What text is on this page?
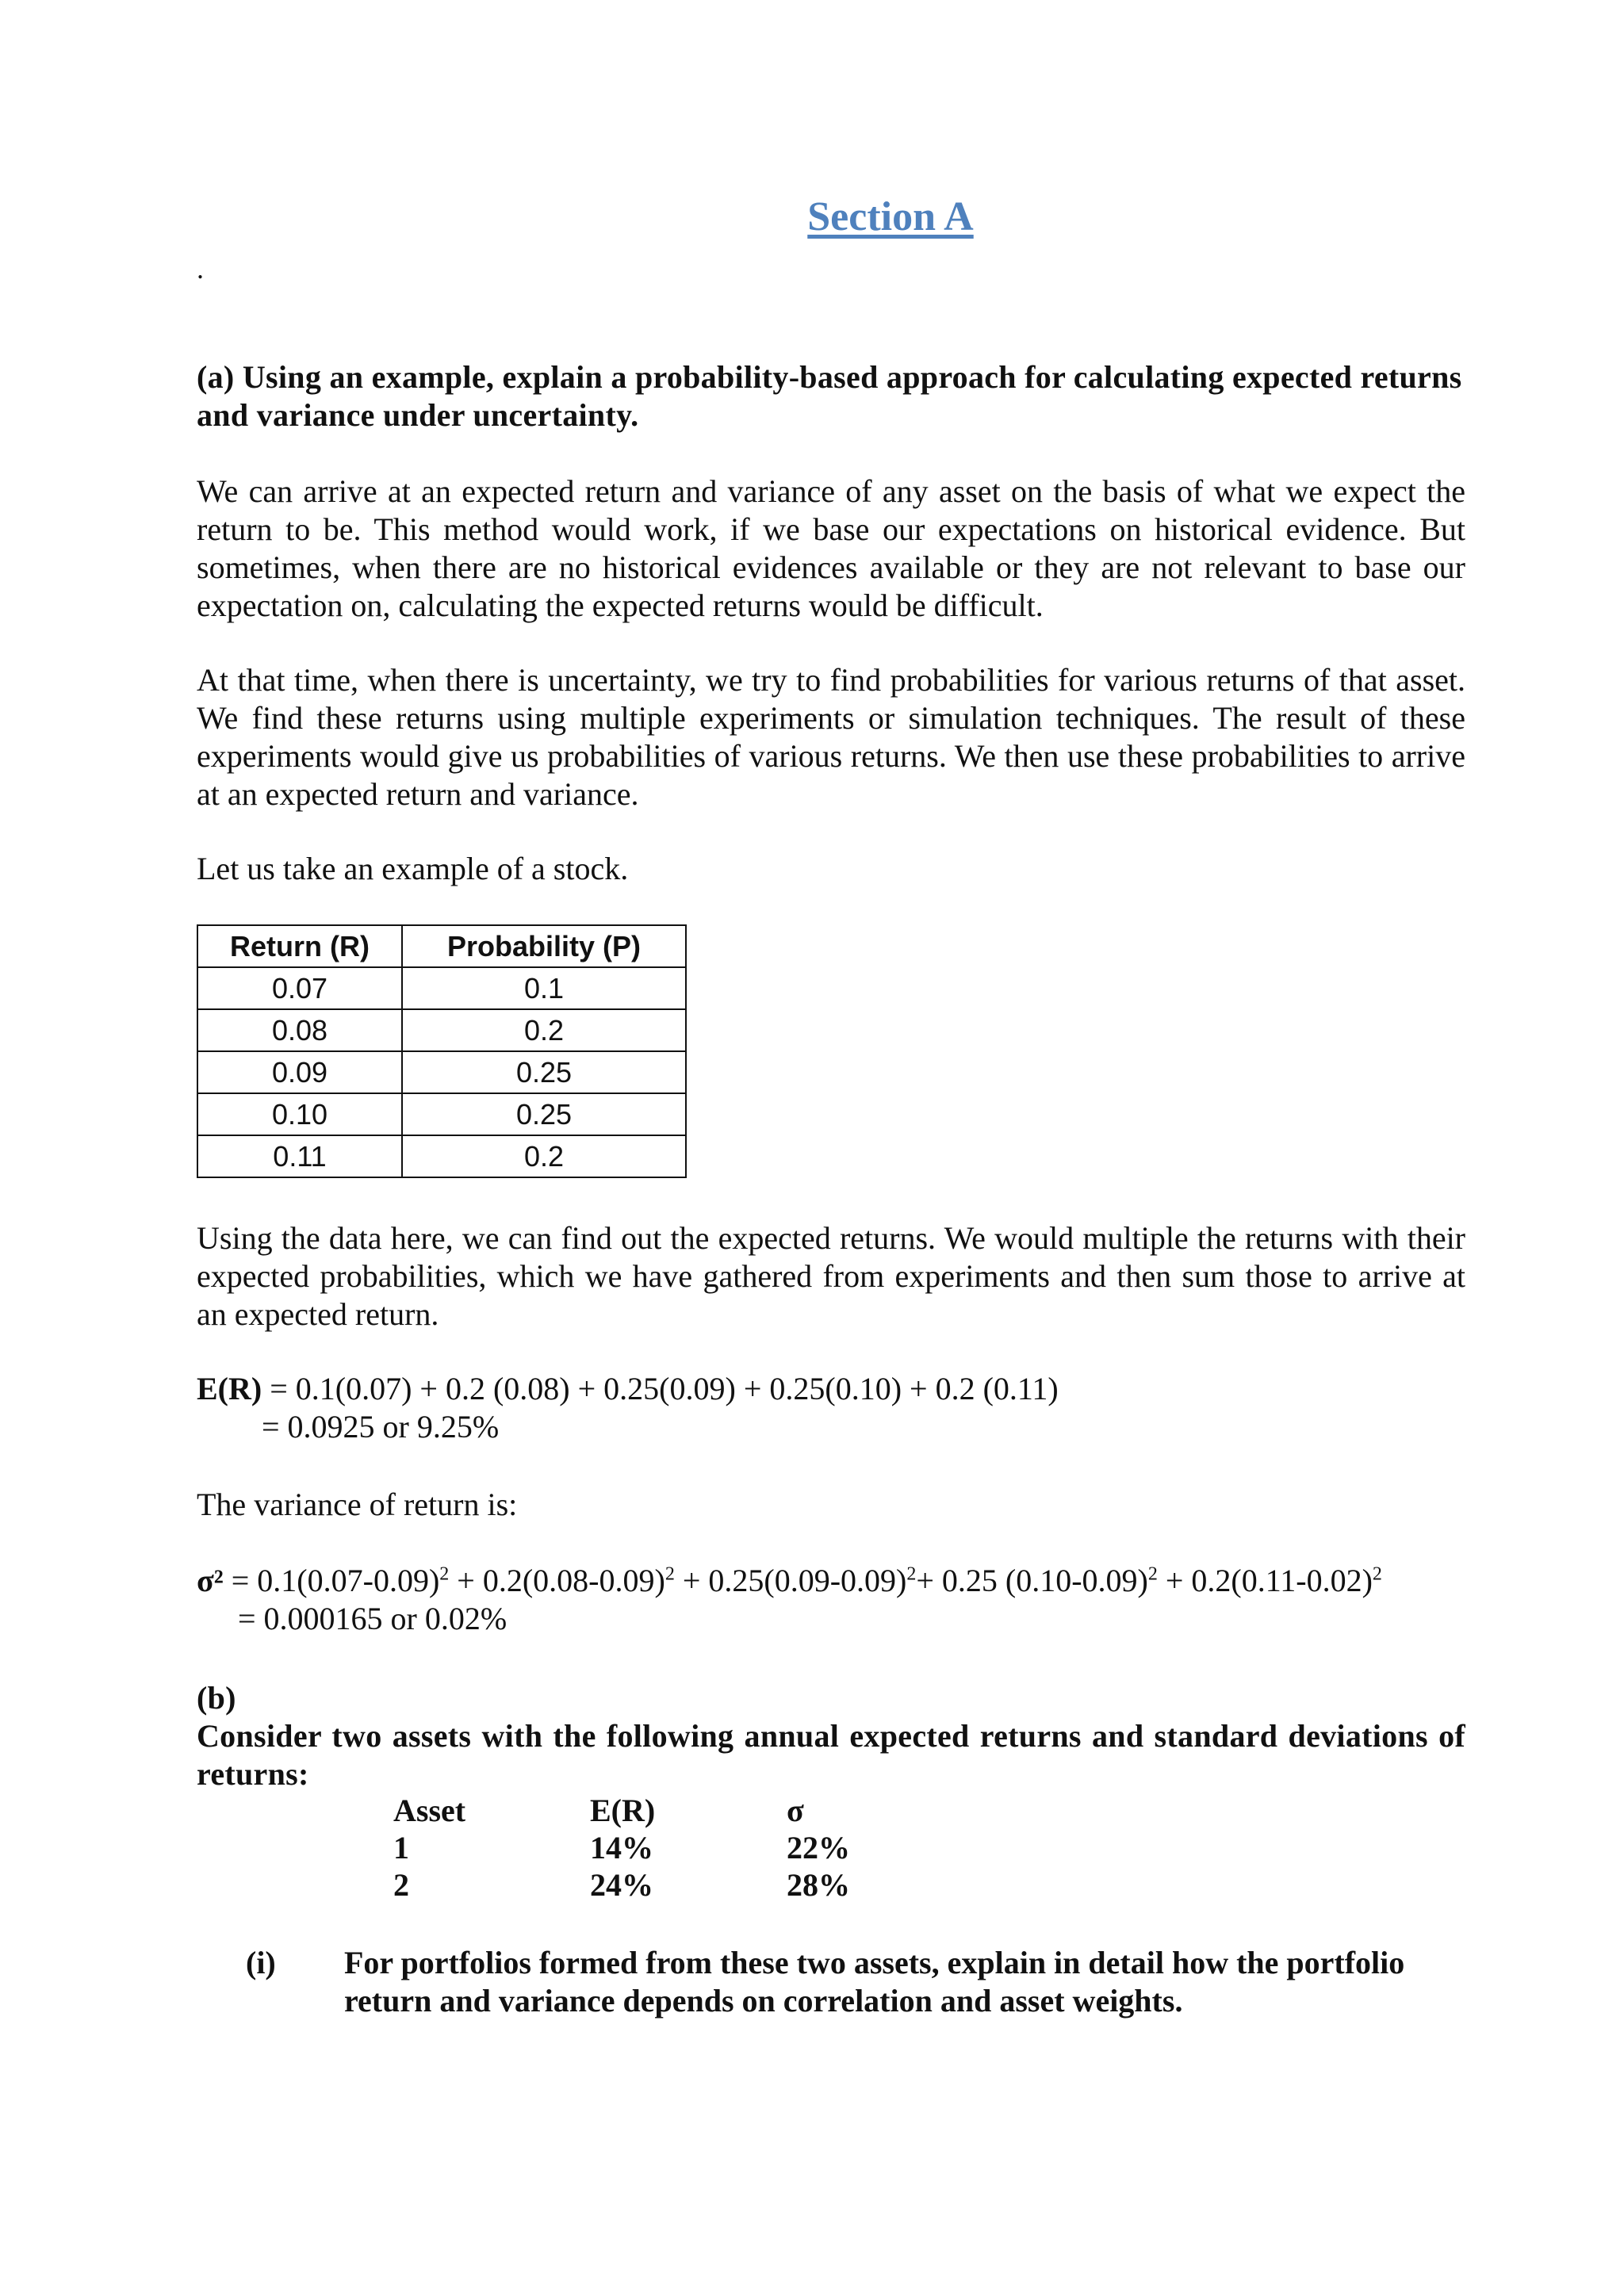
Section A

.

(a) Using an example, explain a probability-based approach for calculating expected returns and variance under uncertainty.

We can arrive at an expected return and variance of any asset on the basis of what we expect the return to be. This method would work, if we base our expectations on historical evidence. But sometimes, when there are no historical evidences available or they are not relevant to base our expectation on, calculating the expected returns would be difficult.

At that time, when there is uncertainty, we try to find probabilities for various returns of that asset. We find these returns using multiple experiments or simulation techniques. The result of these experiments would give us probabilities of various returns. We then use these probabilities to arrive at an expected return and variance.

Let us take an example of a stock.

Return (R)	Probability (P)
0.07	0.1
0.08	0.2
0.09	0.25
0.10	0.25
0.11	0.2

Using the data here, we can find out the expected returns. We would multiple the returns with their expected probabilities, which we have gathered from experiments and then sum those to arrive at an expected return.

E(R) = 0.1(0.07) + 0.2 (0.08) + 0.25(0.09) + 0.25(0.10) + 0.2 (0.11)
= 0.0925 or 9.25%

The variance of return is:

$\sigma^2 = 0.1(0.07-0.09)^2 + 0.2(0.08-0.09)^2 + 0.25(0.09-0.09)^2+ 0.25$ $(0.10-0.09)^2 + 0.2(0.11-0.02)^2$
= 0.000165 or 0.02%

(b)

Consider two assets with the following annual expected returns and standard deviations of returns:

Asset	E(R)	σ
1	14%	22%
2	24%	28%
(i)	For portfolios formed from these two assets, explain in detail how the portfolio return and variance depends on correlation and asset weights.
